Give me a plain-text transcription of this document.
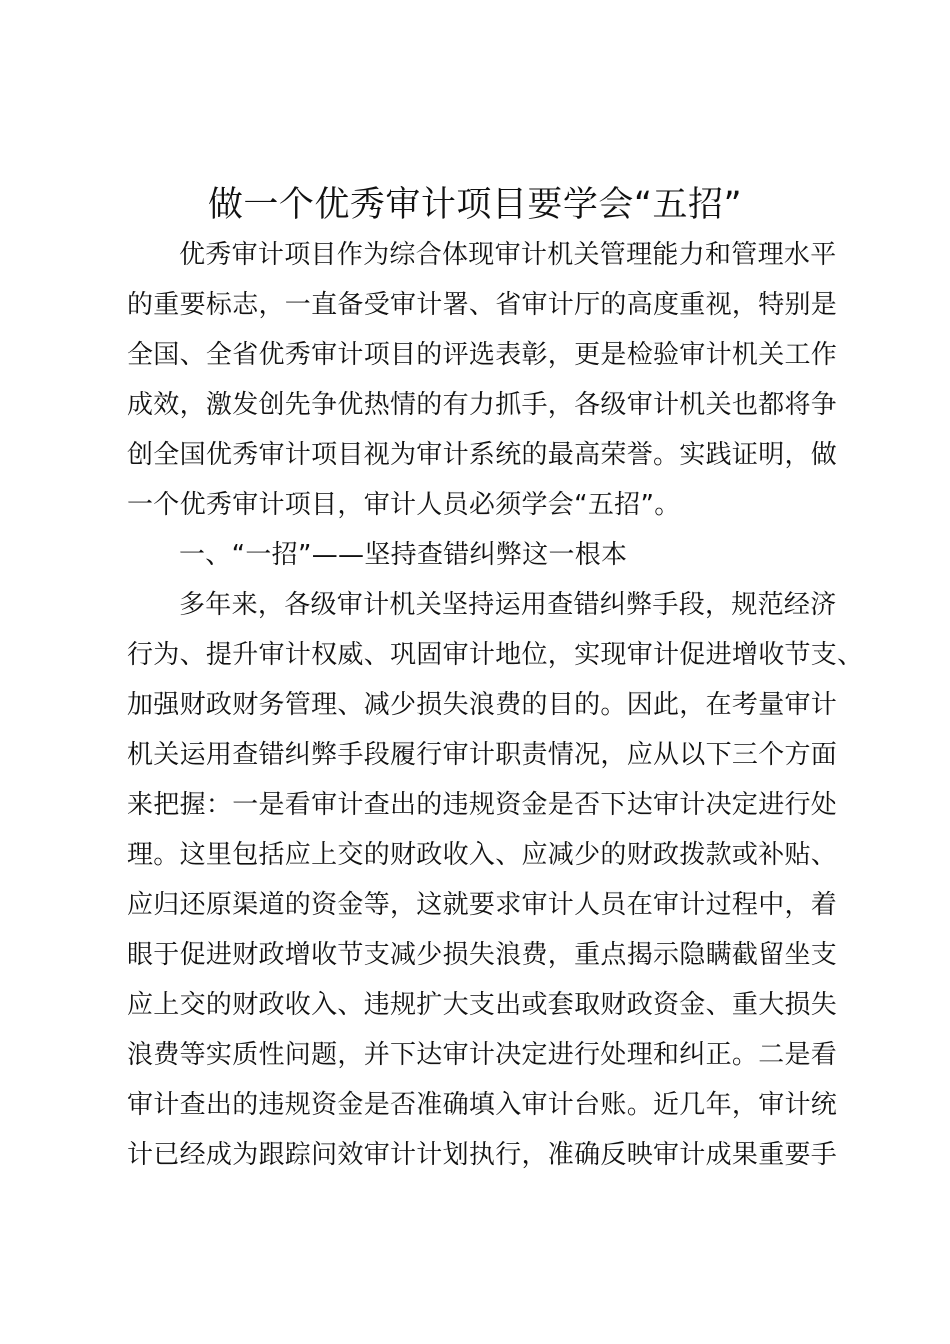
做一个优秀审计项目要学会“五招”
优秀审计项目作为综合体现审计机关管理能力和管理水平
的重要标志，一直备受审计署、省审计厅的高度重视，特别是
全国、全省优秀审计项目的评选表彰，更是检验审计机关工作
成效，激发创先争优热情的有力抓手，各级审计机关也都将争
创全国优秀审计项目视为审计系统的最高荣誉。实践证明，做
一个优秀审计项目，审计人员必须学会“五招”。
一、“一招”——坚持查错纠弊这一根本
多年来，各级审计机关坚持运用查错纠弊手段，规范经济
行为、提升审计权威、巩固审计地位，实现审计促进增收节支、
加强财政财务管理、减少损失浪费的目的。因此，在考量审计
机关运用查错纠弊手段履行审计职责情况，应从以下三个方面
来把握：一是看审计查出的违规资金是否下达审计决定进行处
理。这里包括应上交的财政收入、应减少的财政拨款或补贴、
应归还原渠道的资金等，这就要求审计人员在审计过程中，着
眼于促进财政增收节支减少损失浪费，重点揭示隐瞒截留坐支
应上交的财政收入、违规扩大支出或套取财政资金、重大损失
浪费等实质性问题，并下达审计决定进行处理和纠正。二是看
审计查出的违规资金是否准确填入审计台账。近几年，审计统
计已经成为跟踪问效审计计划执行，准确反映审计成果重要手
